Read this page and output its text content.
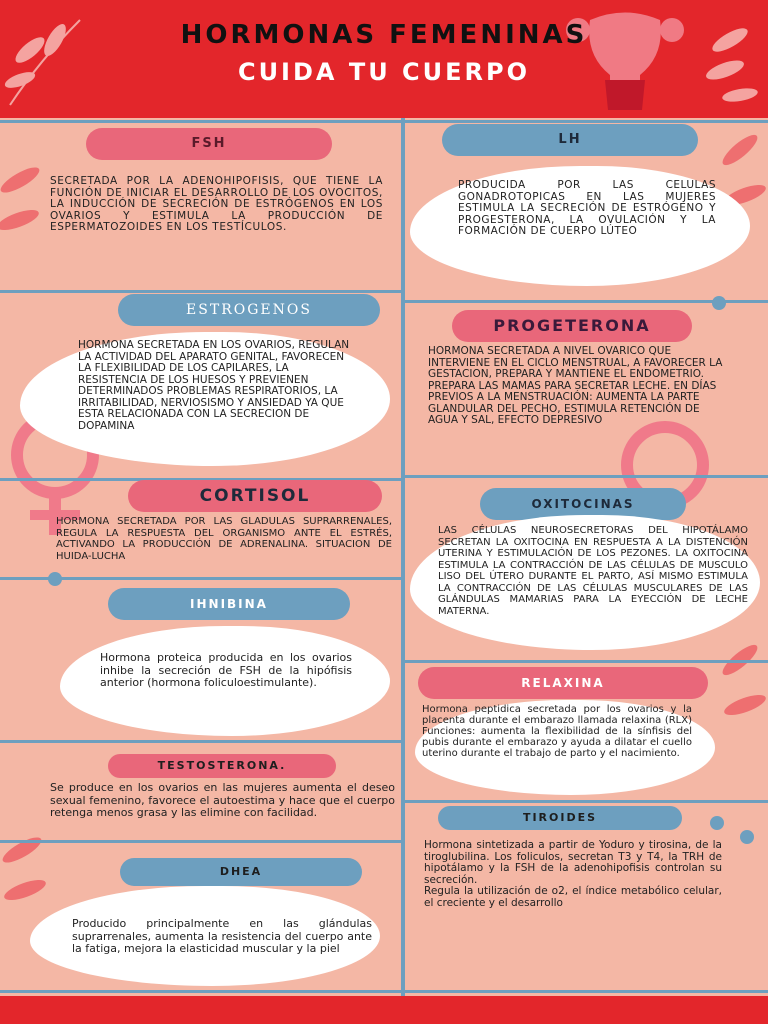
HORMONAS FEMENINAS
CUIDA TU CUERPO
FSH
SECRETADA POR LA ADENOHIPOFISIS, QUE TIENE LA FUNCIÓN DE INICIAR EL DESARROLLO DE LOS OVOCITOS, LA INDUCCIÓN DE SECRECIÓN DE ESTRÓGENOS EN LOS OVARIOS Y ESTIMULA LA PRODUCCIÓN DE ESPERMATOZOIDES EN LOS TESTÍCULOS.
LH
PRODUCIDA POR LAS CELULAS GONADROTOPICAS EN LAS MUJERES ESTIMULA LA SECRECIÓN DE ESTRÓGENO Y PROGESTERONA, LA OVULACIÓN Y LA FORMACIÓN DE CUERPO LÚTEO
ESTROGENOS
HORMONA SECRETADA EN LOS OVARIOS, REGULAN LA ACTIVIDAD DEL APARATO GENITAL, FAVORECEN LA FLEXIBILIDAD DE LOS CAPILARES, LA RESISTENCIA DE LOS HUESOS Y PREVIENEN DETERMINADOS PROBLEMAS RESPIRATORIOS, LA IRRITABILIDAD, NERVIOSISMO Y ANSIEDAD YA QUE ESTA RELACIONADA CON LA SECRECION DE DOPAMINA
PROGETERONA
HORMONA SECRETADA A NIVEL OVARICO QUE INTERVIENE EN EL CICLO MENSTRUAL, A FAVORECER LA GESTACION, PREPARA Y MANTIENE EL ENDOMETRIO. PREPARA LAS MAMAS PARA SECRETAR LECHE. EN DÍAS PREVIOS A LA MENSTRUACIÓN: AUMENTA LA PARTE GLANDULAR DEL PECHO, ESTIMULA RETENCIÓN DE AGUA Y SAL, EFECTO DEPRESIVO
CORTISOL
HORMONA SECRETADA POR LAS GLADULAS SUPRARRENALES, REGULA LA RESPUESTA DEL ORGANISMO ANTE EL ESTRÉS, ACTIVANDO LA PRODUCCIÓN DE ADRENALINA. SITUACION DE HUIDA-LUCHA
OXITOCINAS
LAS CÉLULAS NEUROSECRETORAS DEL HIPOTÁLAMO SECRETAN LA OXITOCINA EN RESPUESTA A LA DISTENCIÓN UTERINA Y ESTIMULACIÓN DE LOS PEZONES. LA OXITOCINA ESTIMULA LA CONTRACCIÓN DE LAS CÉLULAS DE MUSCULO LISO DEL ÚTERO DURANTE EL PARTO, ASÍ MISMO ESTIMULA LA CONTRACCIÓN DE LAS CÉLULAS MUSCULARES DE LAS GLÁNDULAS MAMARIAS PARA LA EYECCIÓN DE LECHE MATERNA.
IHNIBINA
Hormona proteica producida en los ovarios inhibe la secreción de FSH de la hipófisis anterior (hormona foliculoestimulante).	RELAXINA
Hormona peptidica secretada por los ovarios y la placenta durante el embarazo llamada relaxina (RLX) Funciones: aumenta la flexibilidad de la sínfisis del pubis durante el embarazo y ayuda a dilatar el cuello uterino durante el trabajo de parto y el nacimiento.
TESTOSTERONA.
Se produce en los ovarios en las mujeres aumenta el deseo sexual femenino, favorece el autoestima y hace que el cuerpo retenga menos grasa y las elimine con facilidad.	TIROIDES
Hormona sintetizada a partir de Yoduro y tirosina, de la tiroglubilina. Los foliculos, secretan T3 y T4, la TRH de hipotálamo y la FSH de la adenohipofisis controlan su secreción.
Regula la utilización de o2, el índice metabólico celular, el creciente y el desarrollo
DHEA
Producido principalmente en las glándulas suprarrenales, aumenta la resistencia del cuerpo ante la fatiga, mejora la elasticidad muscular y la piel
